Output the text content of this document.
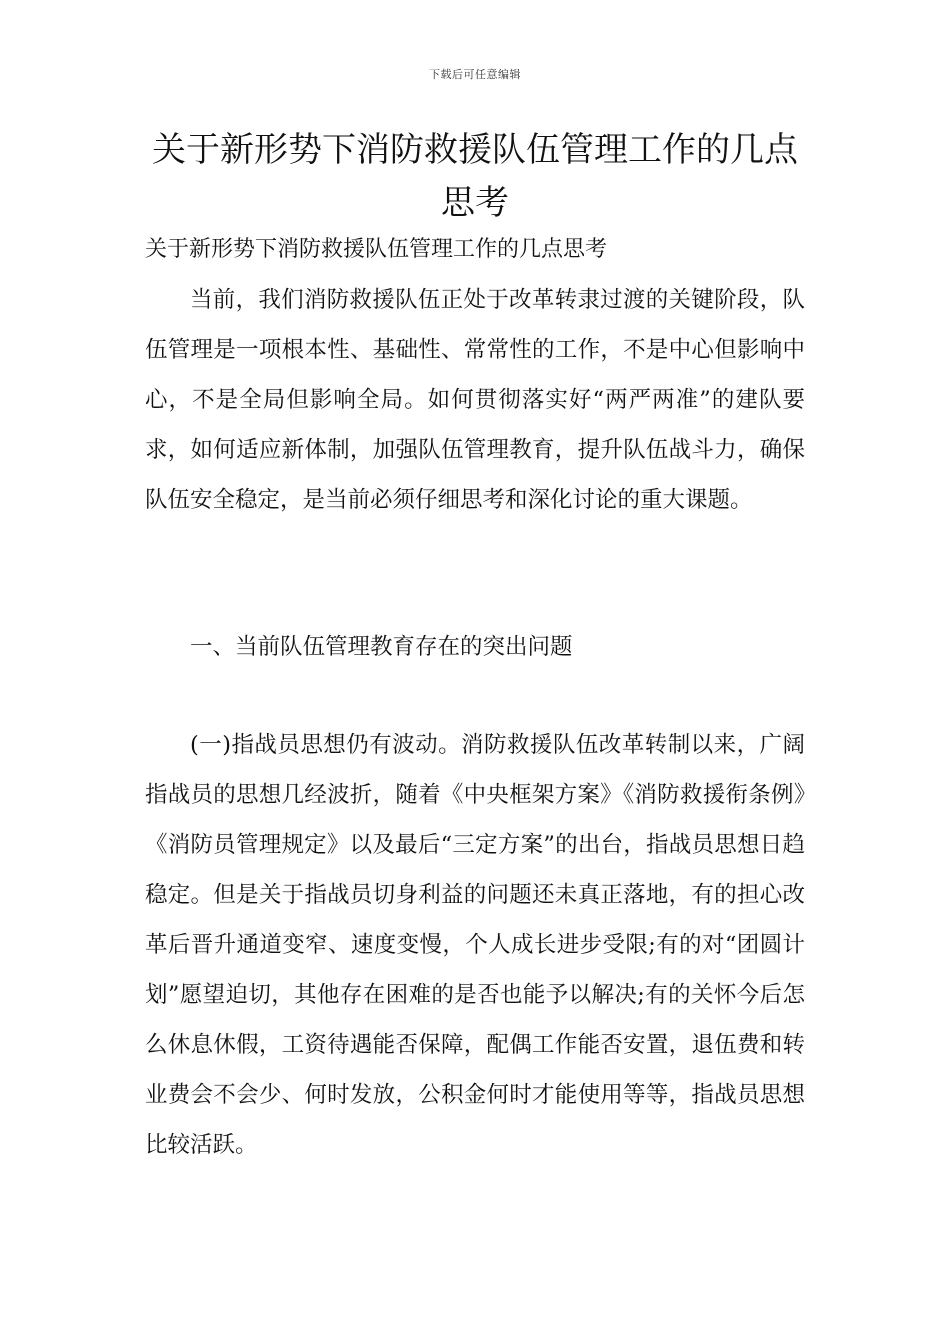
下载后可任意编辑
关于新形势下消防救援队伍管理工作的几点思考
关于新形势下消防救援队伍管理工作的几点思考

当前，我们消防救援队伍正处于改革转隶过渡的关键阶段，队伍管理是一项根本性、基础性、常常性的工作，不是中心但影响中心，不是全局但影响全局。如何贯彻落实好“两严两准”的建队要求，如何适应新体制，加强队伍管理教育，提升队伍战斗力，确保队伍安全稳定，是当前必须仔细思考和深化讨论的重大课题。

一、当前队伍管理教育存在的突出问题

(一)指战员思想仍有波动。消防救援队伍改革转制以来，广阔指战员的思想几经波折，随着《中央框架方案》《消防救援衔条例》《消防员管理规定》以及最后“三定方案”的出台，指战员思想日趋稳定。但是关于指战员切身利益的问题还未真正落地，有的担心改革后晋升通道变窄、速度变慢，个人成长进步受限;有的对“团圆计划”愿望迫切，其他存在困难的是否也能予以解决;有的关怀今后怎么休息休假，工资待遇能否保障，配偶工作能否安置，退伍费和转业费会不会少、何时发放，公积金何时才能使用等等，指战员思想比较活跃。
